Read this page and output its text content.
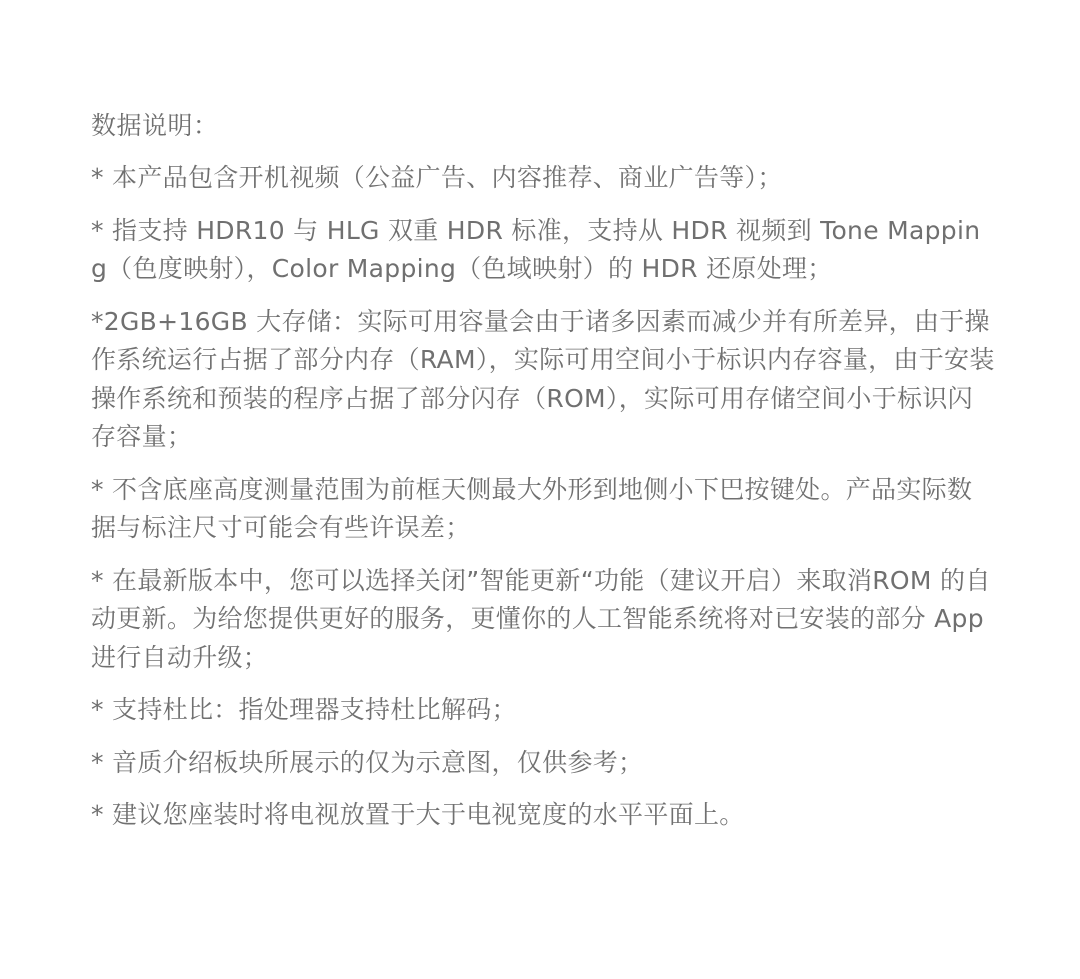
数据说明：
* 本产品包含开机视频（公益广告、内容推荐、商业广告等）；
* 指支持 HDR10 与 HLG 双重 HDR 标准，支持从 HDR 视频到 Tone Mapping（色度映射），Color Mapping（色域映射）的 HDR 还原处理；
*2GB+16GB 大存储：实际可用容量会由于诸多因素而减少并有所差异，由于操作系统运行占据了部分内存（RAM），实际可用空间小于标识内存容量，由于安装操作系统和预装的程序占据了部分闪存（ROM），实际可用存储空间小于标识闪存容量；
* 不含底座高度测量范围为前框天侧最大外形到地侧小下巴按键处。产品实际数据与标注尺寸可能会有些许误差；
* 在最新版本中，您可以选择关闭”智能更新“功能（建议开启）来取消ROM 的自动更新。为给您提供更好的服务，更懂你的人工智能系统将对已安装的部分 App 进行自动升级；
* 支持杜比：指处理器支持杜比解码；
* 音质介绍板块所展示的仅为示意图，仅供参考；
* 建议您座装时将电视放置于大于电视宽度的水平平面上。
